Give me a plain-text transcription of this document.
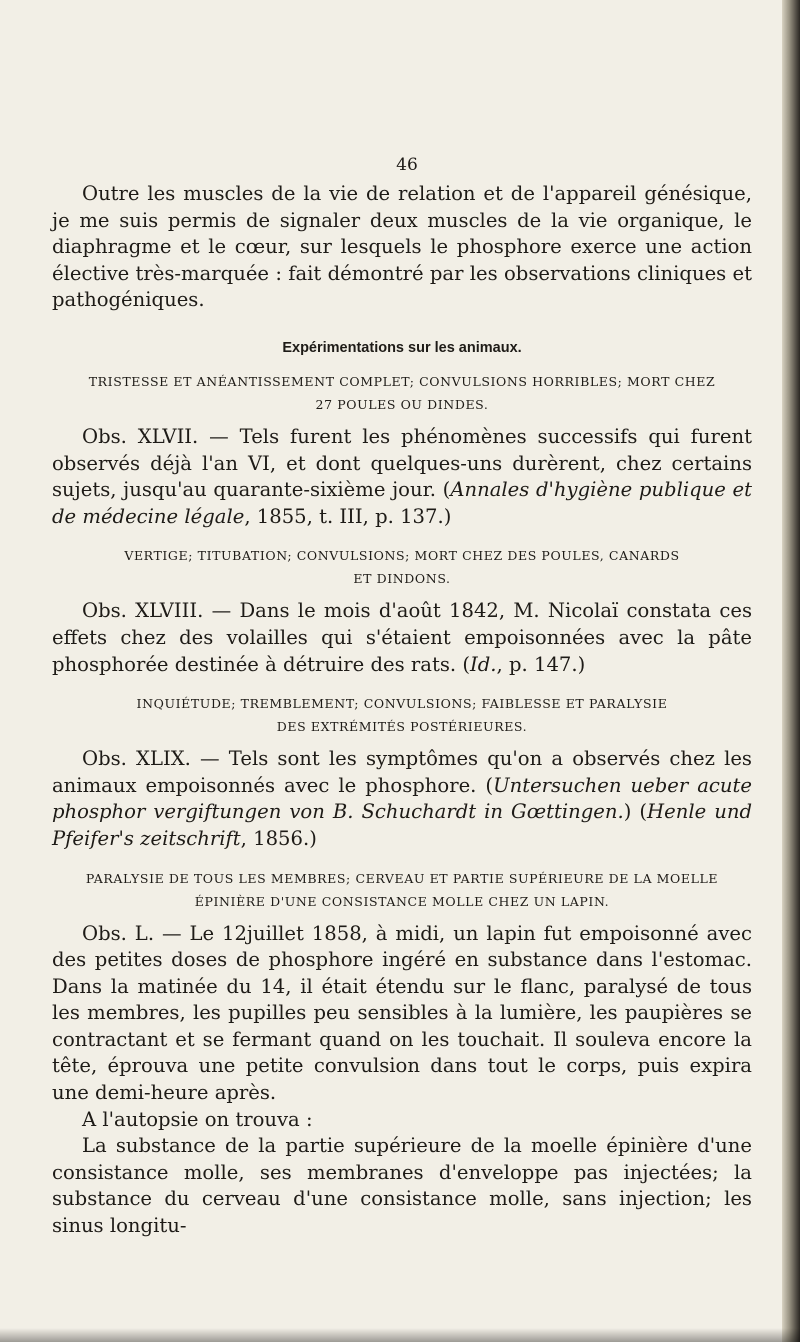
46

Outre les muscles de la vie de relation et de l'appareil génésique, je me suis permis de signaler deux muscles de la vie organique, le diaphragme et le cœur, sur lesquels le phosphore exerce une action élective très-marquée : fait démontré par les observations cliniques et pathogéniques.

Expérimentations sur les animaux.
TRISTESSE ET ANÉANTISSEMENT COMPLET; CONVULSIONS HORRIBLES; MORT CHEZ
27 POULES OU DINDES.

Obs. XLVII. — Tels furent les phénomènes successifs qui furent observés déjà l'an VI, et dont quelques-uns durèrent, chez certains sujets, jusqu'au quarante-sixième jour. (Annales d'hygiène publique et de médecine légale, 1855, t. III, p. 137.)

VERTIGE; TITUBATION; CONVULSIONS; MORT CHEZ DES POULES, CANARDS
ET DINDONS.

Obs. XLVIII. — Dans le mois d'août 1842, M. Nicolaï constata ces effets chez des volailles qui s'étaient empoisonnées avec la pâte phosphorée destinée à détruire des rats. (Id., p. 147.)

INQUIÉTUDE; TREMBLEMENT; CONVULSIONS; FAIBLESSE ET PARALYSIE
DES EXTRÉMITÉS POSTÉRIEURES.

Obs. XLIX. — Tels sont les symptômes qu'on a observés chez les animaux empoisonnés avec le phosphore. (Untersuchen ueber acute phosphor vergiftungen von B. Schuchardt in Gœttingen.) (Henle und Pfeifer's zeitschrift, 1856.)

PARALYSIE DE TOUS LES MEMBRES; CERVEAU ET PARTIE SUPÉRIEURE DE LA MOELLE
ÉPINIÈRE D'UNE CONSISTANCE MOLLE CHEZ UN LAPIN.

Obs. L. — Le 12juillet 1858, à midi, un lapin fut empoisonné avec des petites doses de phosphore ingéré en substance dans l'estomac. Dans la matinée du 14, il était étendu sur le flanc, paralysé de tous les membres, les pupilles peu sensibles à la lumière, les paupières se contractant et se fermant quand on les touchait. Il souleva encore la tête, éprouva une petite convulsion dans tout le corps, puis expira une demi-heure après.

A l'autopsie on trouva :

La substance de la partie supérieure de la moelle épinière d'une consistance molle, ses membranes d'enveloppe pas injectées; la substance du cerveau d'une consistance molle, sans injection; les sinus longitu-
